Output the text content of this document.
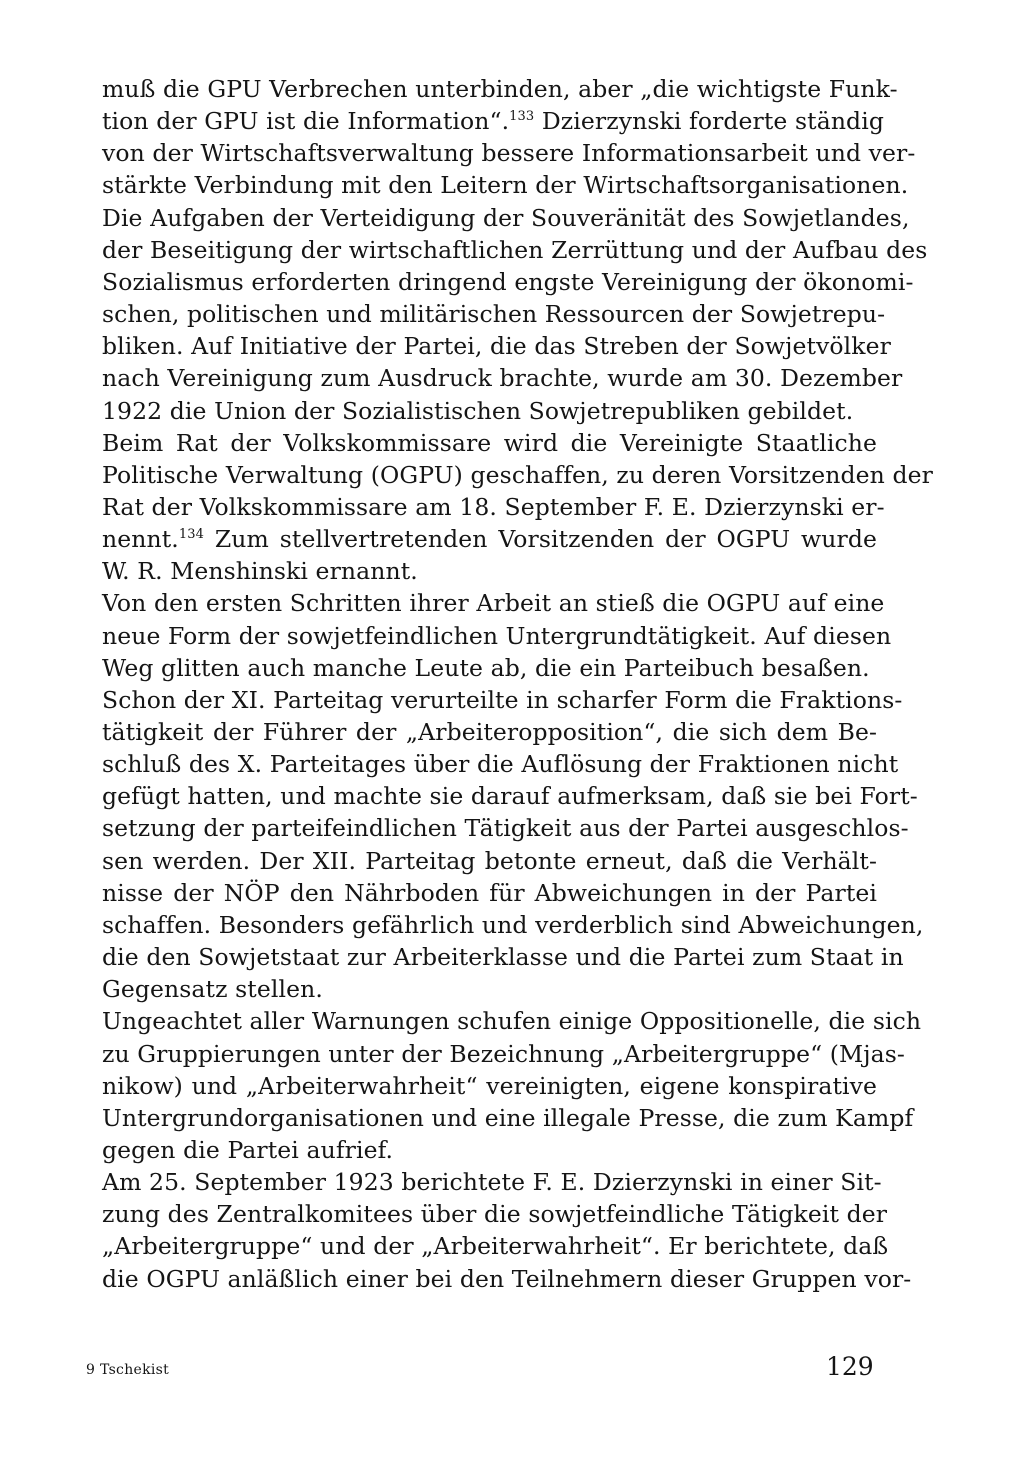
muß die GPU Verbrechen unterbinden, aber „die wichtigste Funk-
tion der GPU ist die Information“.$^{133}$ Dzierzynski forderte ständig
von der Wirtschaftsverwaltung bessere Informationsarbeit und ver-
stärkte Verbindung mit den Leitern der Wirtschaftsorganisationen.
Die Aufgaben der Verteidigung der Souveränität des Sowjetlandes,
der Beseitigung der wirtschaftlichen Zerrüttung und der Aufbau des
Sozialismus erforderten dringend engste Vereinigung der ökonomi-
schen, politischen und militärischen Ressourcen der Sowjetrepu-
bliken. Auf Initiative der Partei, die das Streben der Sowjetvölker
nach Vereinigung zum Ausdruck brachte, wurde am 30. Dezember
1922 die Union der Sozialistischen Sowjetrepubliken gebildet.
Beim Rat der Volkskommissare wird die Vereinigte Staatliche
Politische Verwaltung (OGPU) geschaffen, zu deren Vorsitzenden der
Rat der Volkskommissare am 18. September F. E. Dzierzynski er-
nennt.$^{134}$ Zum stellvertretenden Vorsitzenden der OGPU wurde
W. R. Menshinski ernannt.
Von den ersten Schritten ihrer Arbeit an stieß die OGPU auf eine
neue Form der sowjetfeindlichen Untergrundtätigkeit. Auf diesen
Weg glitten auch manche Leute ab, die ein Parteibuch besaßen.
Schon der XI. Parteitag verurteilte in scharfer Form die Fraktions-
tätigkeit der Führer der „Arbeiteropposition“, die sich dem Be-
schluß des X. Parteitages über die Auflösung der Fraktionen nicht
gefügt hatten, und machte sie darauf aufmerksam, daß sie bei Fort-
setzung der parteifeindlichen Tätigkeit aus der Partei ausgeschlos-
sen werden. Der XII. Parteitag betonte erneut, daß die Verhält-
nisse der NÖP den Nährboden für Abweichungen in der Partei
schaffen. Besonders gefährlich und verderblich sind Abweichungen,
die den Sowjetstaat zur Arbeiterklasse und die Partei zum Staat in
Gegensatz stellen.
Ungeachtet aller Warnungen schufen einige Oppositionelle, die sich
zu Gruppierungen unter der Bezeichnung „Arbeitergruppe“ (Mjas-
nikow) und „Arbeiterwahrheit“ vereinigten, eigene konspirative
Untergrundorganisationen und eine illegale Presse, die zum Kampf
gegen die Partei aufrief.
Am 25. September 1923 berichtete F. E. Dzierzynski in einer Sit-
zung des Zentralkomitees über die sowjetfeindliche Tätigkeit der
„Arbeitergruppe“ und der „Arbeiterwahrheit“. Er berichtete, daß
die OGPU anläßlich einer bei den Teilnehmern dieser Gruppen vor-
9 Tschekist	129
